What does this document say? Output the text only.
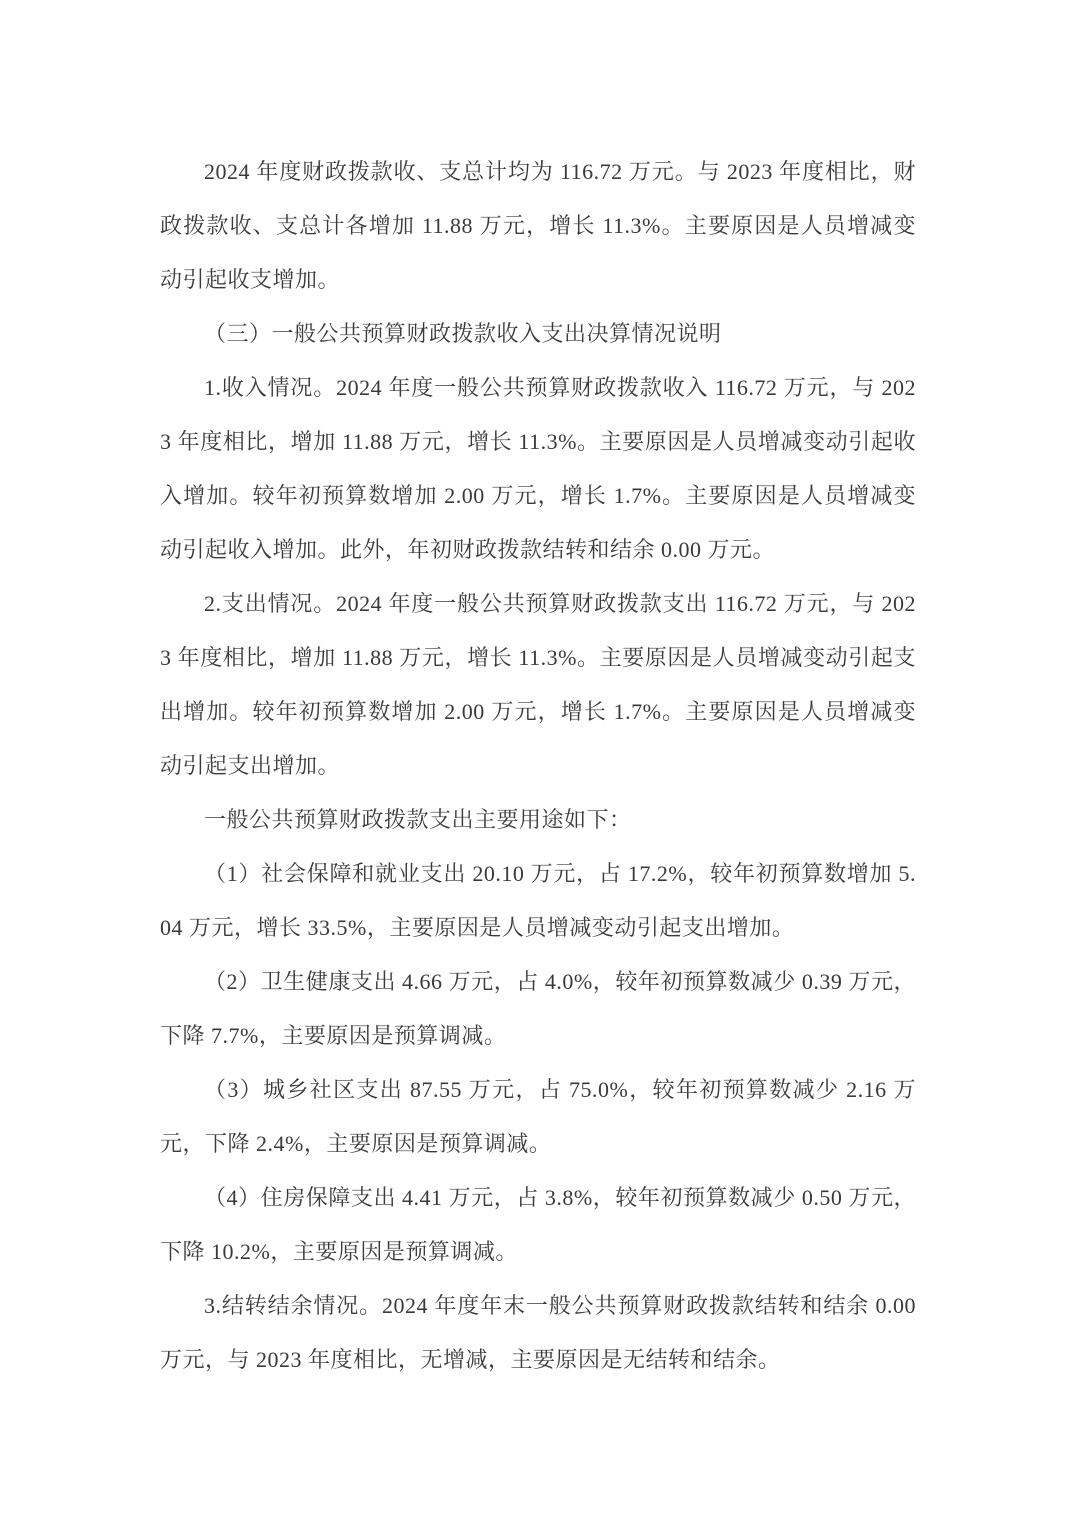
2024 年度财政拨款收、支总计均为 116.72 万元。与 2023 年度相比，财政拨款收、支总计各增加 11.88 万元，增长 11.3%。主要原因是人员增减变动引起收支增加。

（三）一般公共预算财政拨款收入支出决算情况说明

1.收入情况。2024 年度一般公共预算财政拨款收入 116.72 万元，与 2023 年度相比，增加 11.88 万元，增长 11.3%。主要原因是人员增减变动引起收入增加。较年初预算数增加 2.00 万元，增长 1.7%。主要原因是人员增减变动引起收入增加。此外，年初财政拨款结转和结余 0.00 万元。

2.支出情况。2024 年度一般公共预算财政拨款支出 116.72 万元，与 2023 年度相比，增加 11.88 万元，增长 11.3%。主要原因是人员增减变动引起支出增加。较年初预算数增加 2.00 万元，增长 1.7%。主要原因是人员增减变动引起支出增加。

一般公共预算财政拨款支出主要用途如下：

（1）社会保障和就业支出 20.10 万元，占 17.2%，较年初预算数增加 5.04 万元，增长 33.5%，主要原因是人员增减变动引起支出增加。

（2）卫生健康支出 4.66 万元，占 4.0%，较年初预算数减少 0.39 万元，下降 7.7%，主要原因是预算调减。

（3）城乡社区支出 87.55 万元，占 75.0%，较年初预算数减少 2.16 万元，下降 2.4%，主要原因是预算调减。

（4）住房保障支出 4.41 万元，占 3.8%，较年初预算数减少 0.50 万元，下降 10.2%，主要原因是预算调减。

3.结转结余情况。2024 年度年末一般公共预算财政拨款结转和结余 0.00 万元，与 2023 年度相比，无增减，主要原因是无结转和结余。
